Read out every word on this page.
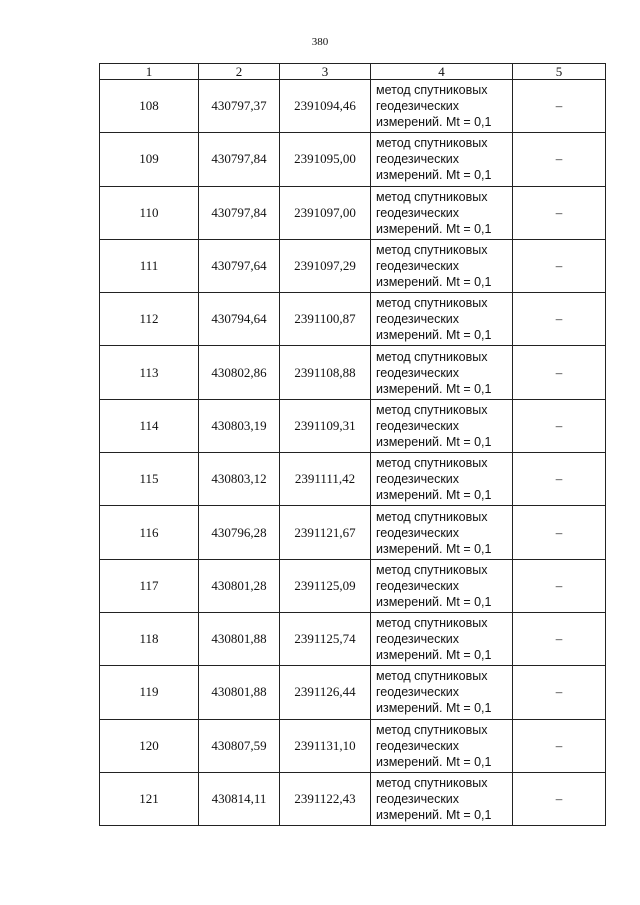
380
1	2	3	4	5
108	430797,37	2391094,46	метод спутниковых
геодезических
измерений. Mt = 0,1	–
109	430797,84	2391095,00	метод спутниковых
геодезических
измерений. Mt = 0,1	–
110	430797,84	2391097,00	метод спутниковых
геодезических
измерений. Mt = 0,1	–
111	430797,64	2391097,29	метод спутниковых
геодезических
измерений. Mt = 0,1	–
112	430794,64	2391100,87	метод спутниковых
геодезических
измерений. Mt = 0,1	–
113	430802,86	2391108,88	метод спутниковых
геодезических
измерений. Mt = 0,1	–
114	430803,19	2391109,31	метод спутниковых
геодезических
измерений. Mt = 0,1	–
115	430803,12	2391111,42	метод спутниковых
геодезических
измерений. Mt = 0,1	–
116	430796,28	2391121,67	метод спутниковых
геодезических
измерений. Mt = 0,1	–
117	430801,28	2391125,09	метод спутниковых
геодезических
измерений. Mt = 0,1	–
118	430801,88	2391125,74	метод спутниковых
геодезических
измерений. Mt = 0,1	–
119	430801,88	2391126,44	метод спутниковых
геодезических
измерений. Mt = 0,1	–
120	430807,59	2391131,10	метод спутниковых
геодезических
измерений. Mt = 0,1	–
121	430814,11	2391122,43	метод спутниковых
геодезических
измерений. Mt = 0,1	–
